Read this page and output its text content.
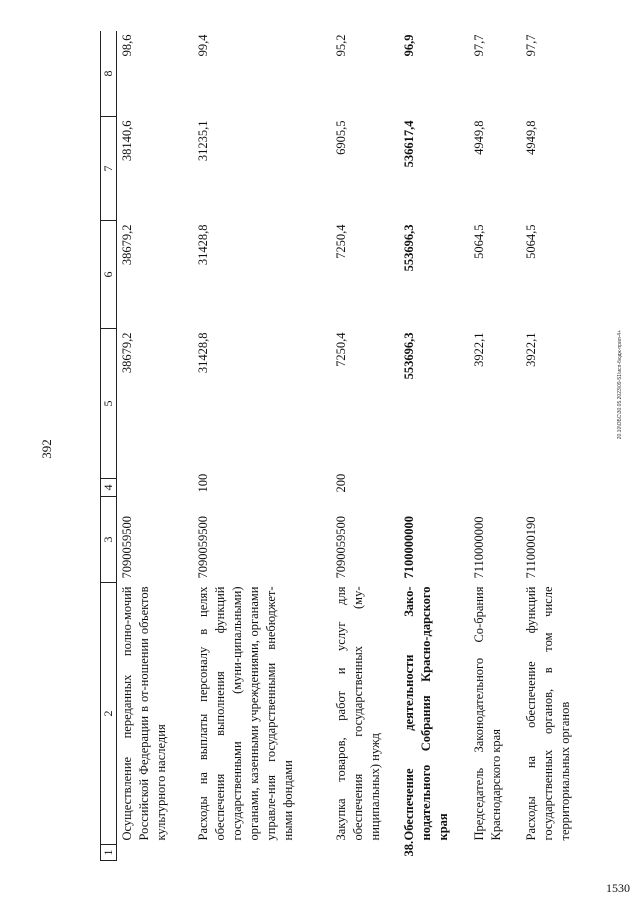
392
1530
20.10\ОБС\30.05.2023\09-51\исп-бюдж-прил-4+
1	2	3	4	5	6	7	8
	Осуществление переданных полно-мочий Российской Федерации в от-ношении объектов культурного наследия	7090059500		38679,2	38679,2	38140,6	98,6
	Расходы на выплаты персоналу в целях обеспечения выполнения функций государственными (муни-ципальными) органами, казенными учреждениями, органами управле-ния государственными внебюджет-ными фондами	7090059500	100	31428,8	31428,8	31235,1	99,4
	Закупка товаров, работ и услуг для обеспечения государственных (му-ниципальных) нужд	7090059500	200	7250,4	7250,4	6905,5	95,2
38.	Обеспечение деятельности Зако-нодательного Собрания Красно-дарского края	7100000000		553696,3	553696,3	536617,4	96,9
	Председатель Законодательного Со-брания Краснодарского края	7110000000		3922,1	5064,5	4949,8	97,7
	Расходы на обеспечение функций государственных органов, в том числе территориальных органов	7110000190		3922,1	5064,5	4949,8	97,7
